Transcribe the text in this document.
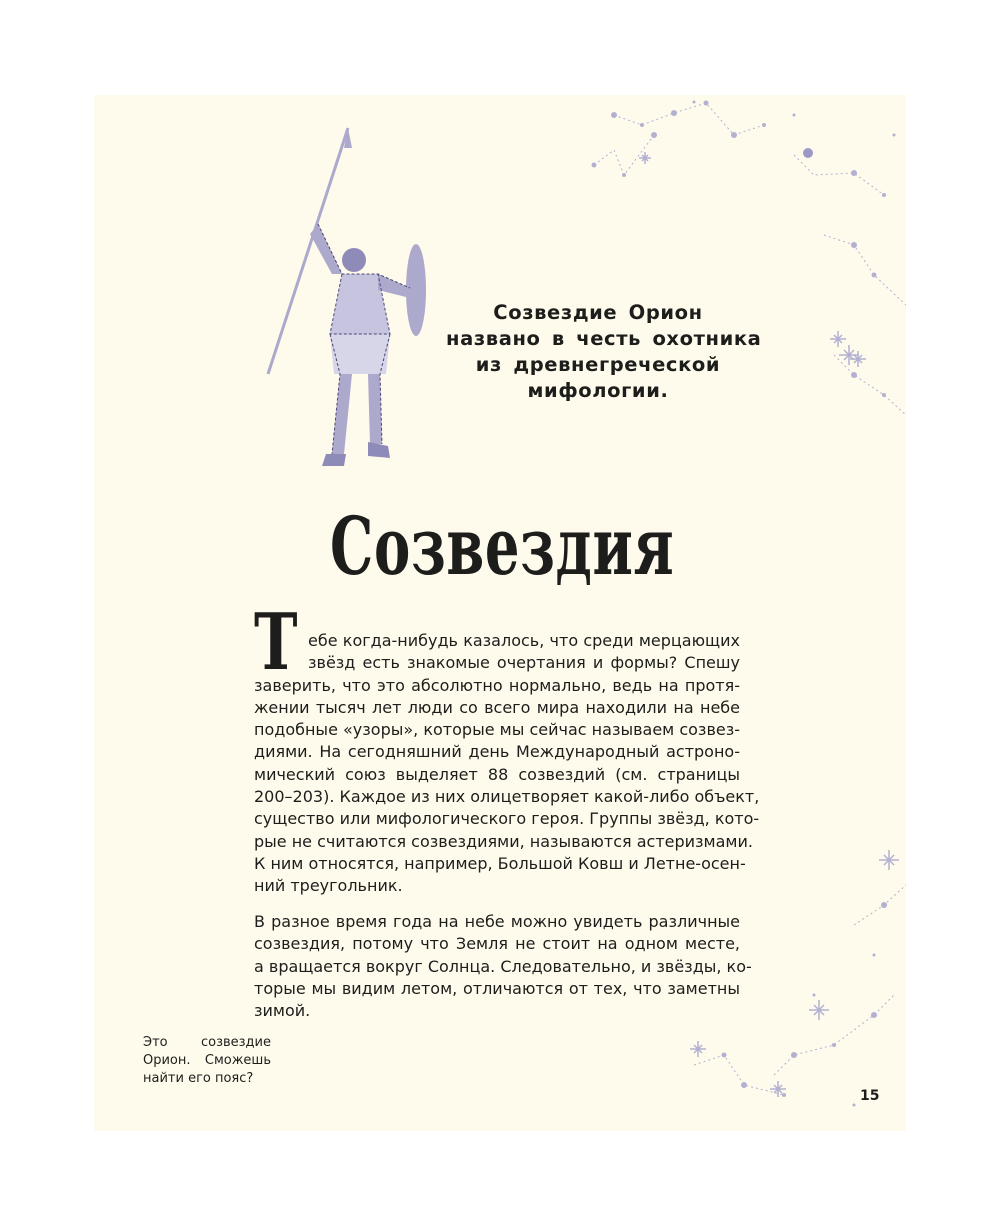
Созвездие Орион
названо в честь охотника
из древнегреческой
мифологии.
Созвездия
Т ебе когда-нибудь казалось, что среди мерцающих
звёзд есть знакомые очертания и формы? Спешу
заверить, что это абсолютно нормально, ведь на протя-
жении тысяч лет люди со всего мира находили на небе
подобные «узоры», которые мы сейчас называем созвез-
диями. На сегодняшний день Международный астроно-
мический союз выделяет 88 созвездий (см. страницы
200–203). Каждое из них олицетворяет какой-либо объект,
существо или мифологического героя. Группы звёзд, кото-
рые не считаются созвездиями, называются астеризмами.
К ним относятся, например, Большой Ковш и Летне-осен-
ний треугольник.
В разное время года на небе можно увидеть различные
созвездия, потому что Земля не стоит на одном месте,
а вращается вокруг Солнца. Следовательно, и звёзды, ко-
торые мы видим летом, отличаются от тех, что заметны
зимой.
Это созвездие
Орион. Сможешь
найти его пояс?
15
